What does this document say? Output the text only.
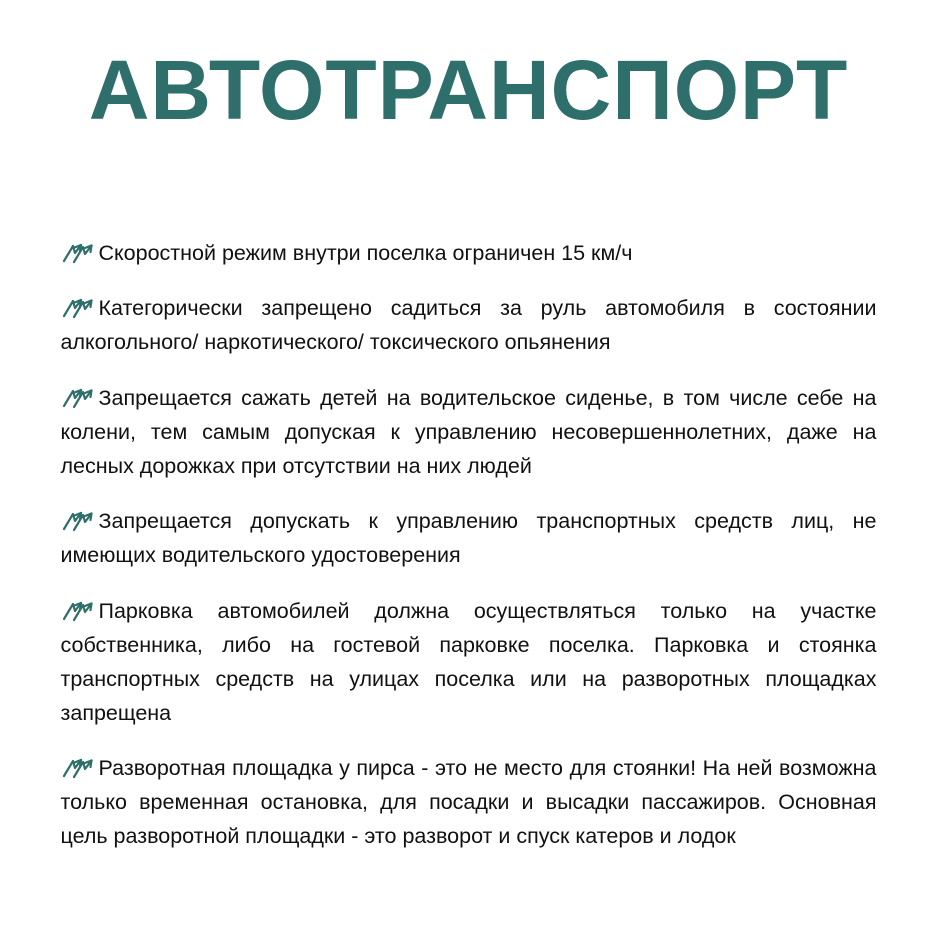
АВТОТРАНСПОРТ

Скоростной режим внутри поселка ограничен 15 км/ч

Категорически запрещено садиться за руль автомобиля в состоянии алкогольного/ наркотического/ токсического опьянения

Запрещается сажать детей на водительское сиденье, в том числе себе на колени, тем самым допуская к управлению несовершеннолетних, даже на лесных дорожках при отсутствии на них людей

Запрещается допускать к управлению транспортных средств лиц, не имеющих водительского удостоверения

Парковка автомобилей должна осуществляться только на участке собственника, либо на гостевой парковке поселка. Парковка и стоянка транспортных средств на улицах поселка или на разворотных площадках запрещена

Разворотная площадка у пирса - это не место для стоянки! На ней возможна только временная остановка, для посадки и высадки пассажиров. Основная цель разворотной площадки - это разворот и спуск катеров и лодок
